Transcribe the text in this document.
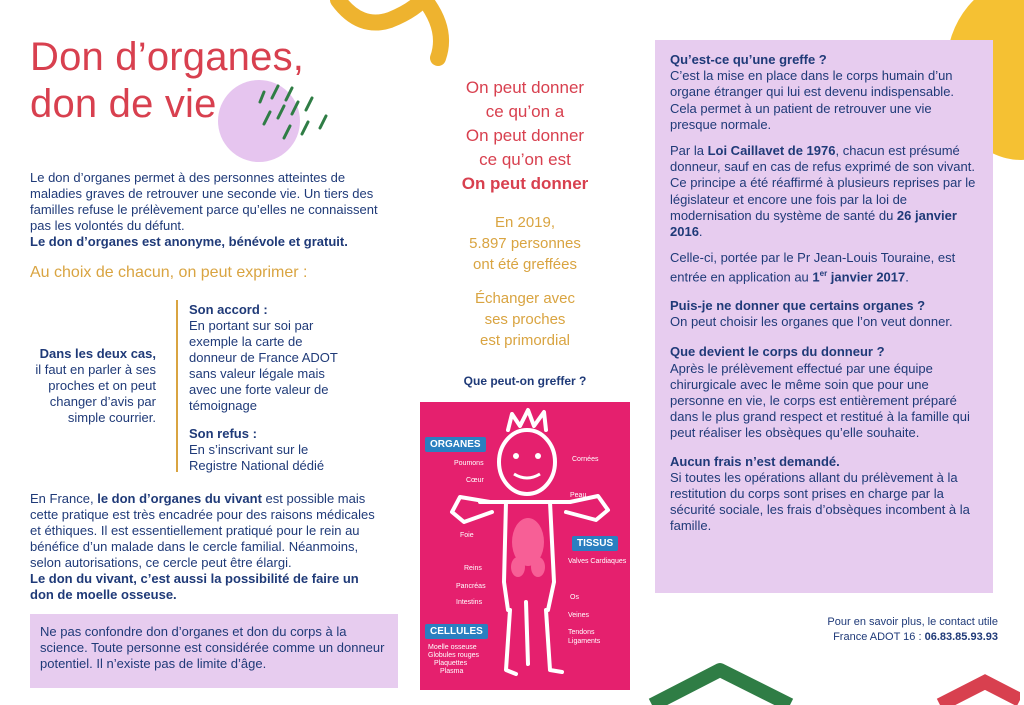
Don d’organes,
don de vie
Le don d’organes permet à des personnes atteintes de maladies graves de retrouver une seconde vie. Un tiers des familles refuse le prélèvement parce qu’elles ne connaissent pas les volontés du défunt.
Le don d’organes est anonyme, bénévole et gratuit.
Au choix de chacun, on peut exprimer :
Dans les deux cas,
il faut en parler à ses proches et on peut changer d’avis par simple courrier.
Son accord :
En portant sur soi par exemple la carte de donneur de France ADOT sans valeur légale mais avec une forte valeur de témoignage
Son refus :
En s’inscrivant sur le Registre National dédié
En France, le don d’organes du vivant est possible mais cette pratique est très encadrée pour des raisons médicales et éthiques. Il est essentiellement pratiqué pour le rein au bénéfice d’un malade dans le cercle familial. Néanmoins, selon autorisations, ce cercle peut être élargi.
Le don du vivant, c’est aussi la possibilité de faire un don de moelle osseuse.
Ne pas confondre don d’organes et don du corps à la science. Toute personne est considérée comme un donneur potentiel. Il n’existe pas de limite d’âge.
On peut donner
ce qu’on a
On peut donner
ce qu’on est
On peut donner
En 2019,
5.897 personnes
ont été greffées
Échanger avec
ses proches
est primordial
Que peut-on greffer ?
ORGANES
TISSUS
CELLULES
Poumons
Cœur
Foie
Reins
Pancréas
Intestins
Cornées
Peau
Valves Cardiaques
Os
Veines
Tendons
Ligaments
Moelle osseuse
Globules rouges
Plaquettes
Plasma

Qu’est-ce qu’une greffe ?

C’est la mise en place dans le corps humain d’un organe étranger qui lui est devenu indispensable. Cela permet à un patient de retrouver une vie presque normale.

Par la Loi Caillavet de 1976, chacun est présumé donneur, sauf en cas de refus exprimé de son vivant. Ce principe a été réaffirmé à plusieurs reprises par le législateur et encore une fois par la loi de modernisation du système de santé du 26 janvier 2016.

Celle-ci, portée par le Pr Jean-Louis Touraine, est entrée en application au 1er janvier 2017.

Puis-je ne donner que certains organes ?

On peut choisir les organes que l’on veut donner.

Que devient le corps du donneur ?

Après le prélèvement effectué par une équipe chirurgicale avec le même soin que pour une personne en vie, le corps est entièrement préparé dans le plus grand respect et restitué à la famille qui peut réaliser les obsèques qu’elle souhaite.

Aucun frais n’est demandé.

Si toutes les opérations allant du prélèvement à la restitution du corps sont prises en charge par la sécurité sociale, les frais d’obsèques incombent à la famille.

Pour en savoir plus, le contact utile
France ADOT 16 : 06.83.85.93.93
